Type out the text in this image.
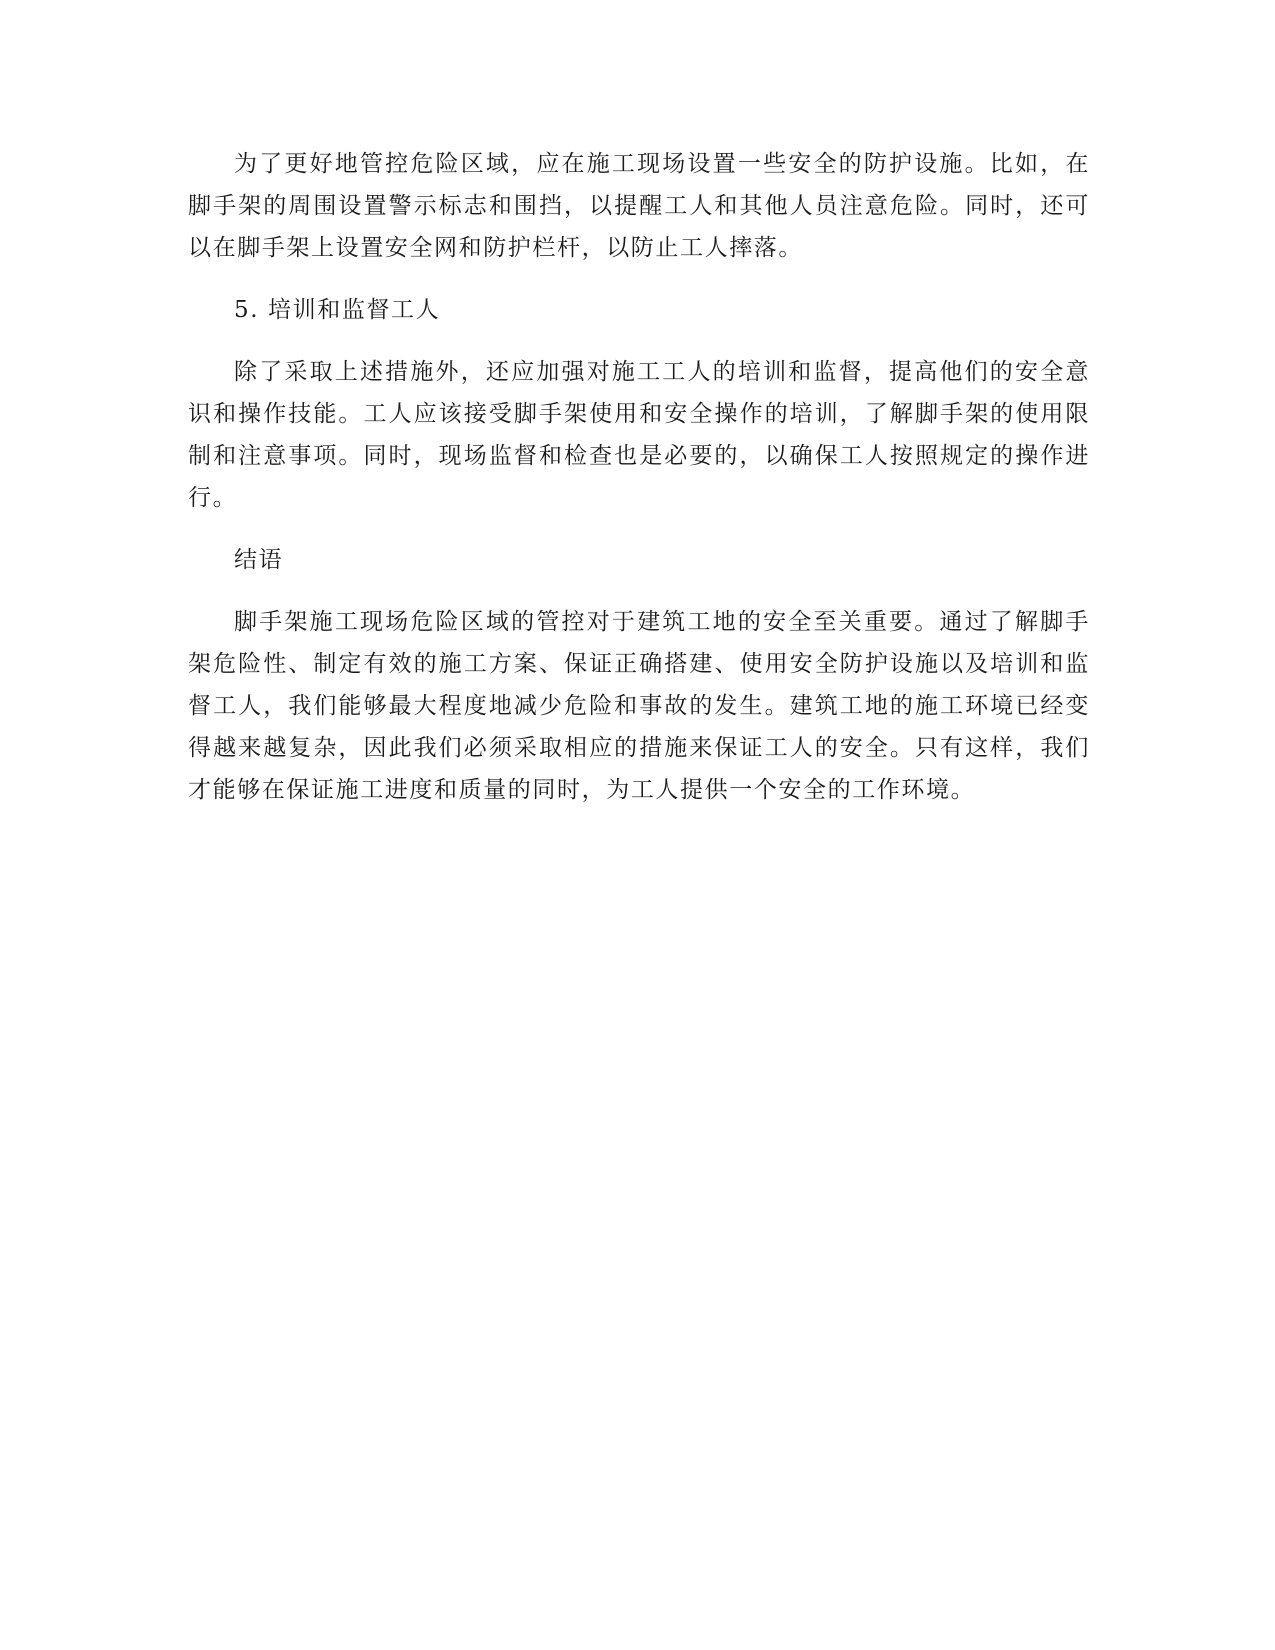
为了更好地管控危险区域，应在施工现场设置一些安全的防护设施。比如，在脚手架的周围设置警示标志和围挡，以提醒工人和其他人员注意危险。同时，还可以在脚手架上设置安全网和防护栏杆，以防止工人摔落。

5. 培训和监督工人

除了采取上述措施外，还应加强对施工工人的培训和监督，提高他们的安全意识和操作技能。工人应该接受脚手架使用和安全操作的培训，了解脚手架的使用限制和注意事项。同时，现场监督和检查也是必要的，以确保工人按照规定的操作进行。

结语

脚手架施工现场危险区域的管控对于建筑工地的安全至关重要。通过了解脚手架危险性、制定有效的施工方案、保证正确搭建、使用安全防护设施以及培训和监督工人，我们能够最大程度地减少危险和事故的发生。建筑工地的施工环境已经变得越来越复杂，因此我们必须采取相应的措施来保证工人的安全。只有这样，我们才能够在保证施工进度和质量的同时，为工人提供一个安全的工作环境。
